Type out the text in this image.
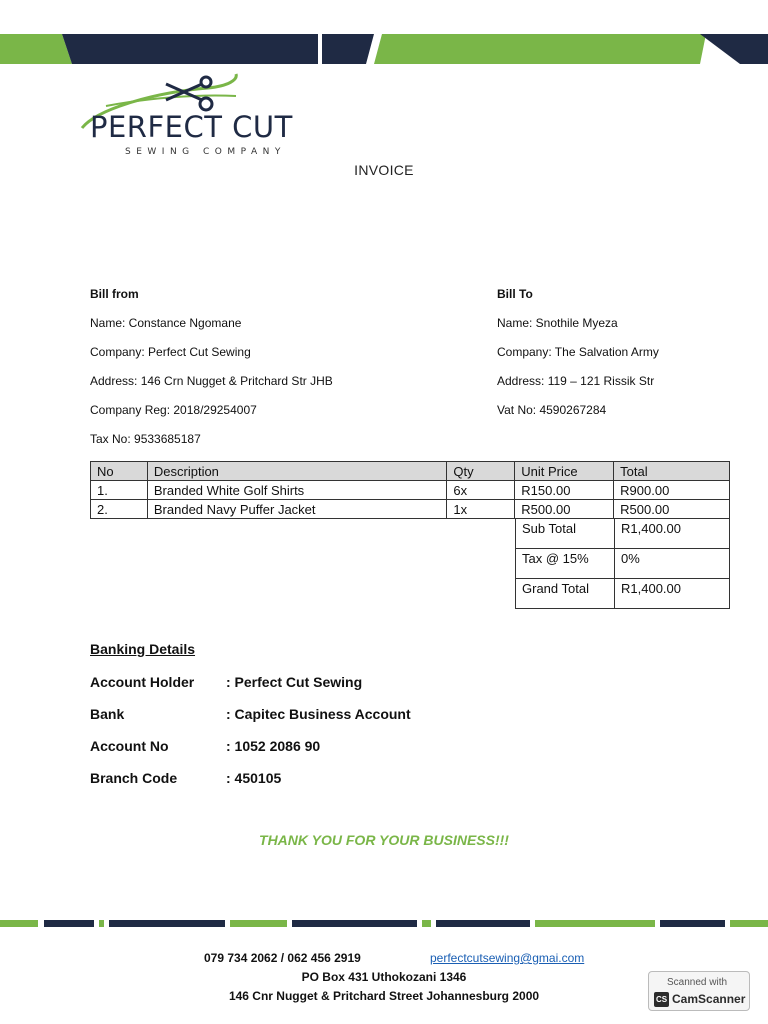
PERFECT CUT
SEWING COMPANY
INVOICE
Bill from
Name: Constance Ngomane
Company: Perfect Cut Sewing
Address: 146 Crn Nugget & Pritchard Str JHB
Company Reg: 2018/29254007
Tax No: 9533685187
Bill To
Name: Snothile Myeza
Company: The Salvation Army
Address: 119 – 121 Rissik Str
Vat No: 4590267284
No	Description	Qty	Unit Price	Total
1.	Branded White Golf Shirts	6x	R150.00	R900.00
2.	Branded Navy Puffer Jacket	1x	R500.00	R500.00
Sub Total	R1,400.00
Tax @ 15%	0%
Grand Total	R1,400.00
Banking Details
Account Holder	: Perfect Cut Sewing
Bank	: Capitec Business Account
Account No	: 1052 2086 90
Branch Code	: 450105
THANK YOU FOR YOUR BUSINESS!!!
079 734 2062 / 062 456 2919	perfectcutsewing@gmai.com
PO Box 431 Uthokozani 1346
146 Cnr Nugget & Pritchard Street Johannesburg 2000
Scanned with
CS CamScanner
